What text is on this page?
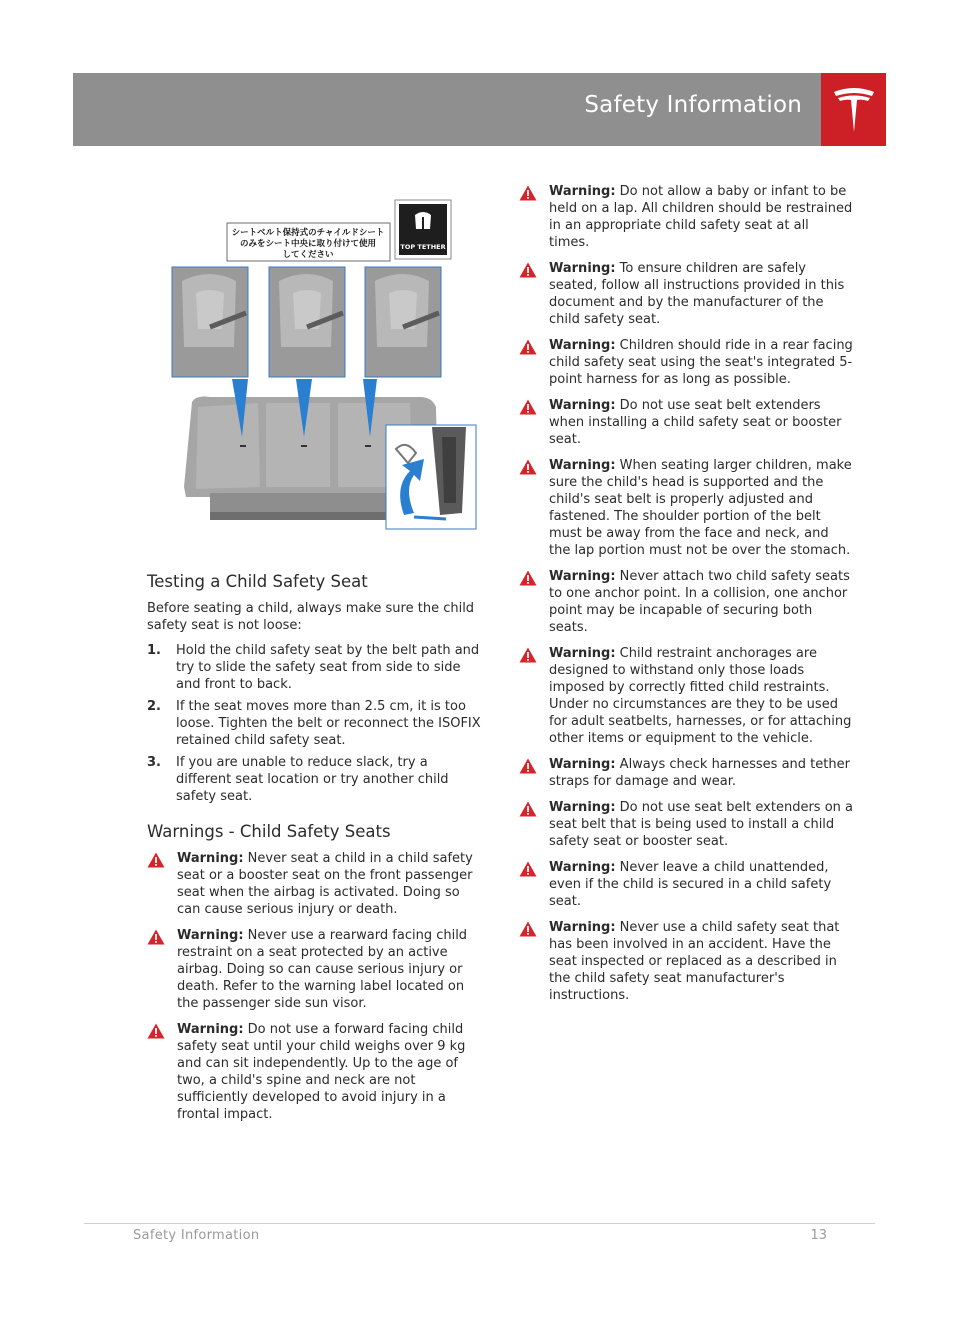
Safety Information
シートベルト保持式のチャイルドシート
のみをシート中央に取り付けて使用
してください
TOP TETHER
Testing a Child Safety Seat

Before seating a child, always make sure the child safety seat is not loose:

1.	Hold the child safety seat by the belt path and try to slide the safety seat from side to side and front to back.
2.	If the seat moves more than 2.5 cm, it is too loose. Tighten the belt or reconnect the ISOFIX retained child safety seat.
3.	If you are unable to reduce slack, try a different seat location or try another child safety seat.
Warnings - Child Safety Seats
Warning: Never seat a child in a child safety seat or a booster seat on the front passenger seat when the airbag is activated. Doing so can cause serious injury or death.
Warning: Never use a rearward facing child restraint on a seat protected by an active airbag. Doing so can cause serious injury or death. Refer to the warning label located on the passenger side sun visor.
Warning: Do not use a forward facing child safety seat until your child weighs over 9 kg and can sit independently. Up to the age of two, a child's spine and neck are not sufficiently developed to avoid injury in a frontal impact.
Warning: Do not allow a baby or infant to be held on a lap. All children should be restrained in an appropriate child safety seat at all times.
Warning: To ensure children are safely seated, follow all instructions provided in this document and by the manufacturer of the child safety seat.
Warning: Children should ride in a rear facing child safety seat using the seat's integrated 5-point harness for as long as possible.
Warning: Do not use seat belt extenders when installing a child safety seat or booster seat.
Warning: When seating larger children, make sure the child's head is supported and the child's seat belt is properly adjusted and fastened. The shoulder portion of the belt must be away from the face and neck, and the lap portion must not be over the stomach.
Warning: Never attach two child safety seats to one anchor point. In a collision, one anchor point may be incapable of securing both seats.
Warning: Child restraint anchorages are designed to withstand only those loads imposed by correctly fitted child restraints. Under no circumstances are they to be used for adult seatbelts, harnesses, or for attaching other items or equipment to the vehicle.
Warning: Always check harnesses and tether straps for damage and wear.
Warning: Do not use seat belt extenders on a seat belt that is being used to install a child safety seat or booster seat.
Warning: Never leave a child unattended, even if the child is secured in a child safety seat.
Warning: Never use a child safety seat that has been involved in an accident. Have the seat inspected or replaced as a described in the child safety seat manufacturer's instructions.
Safety Information	13
